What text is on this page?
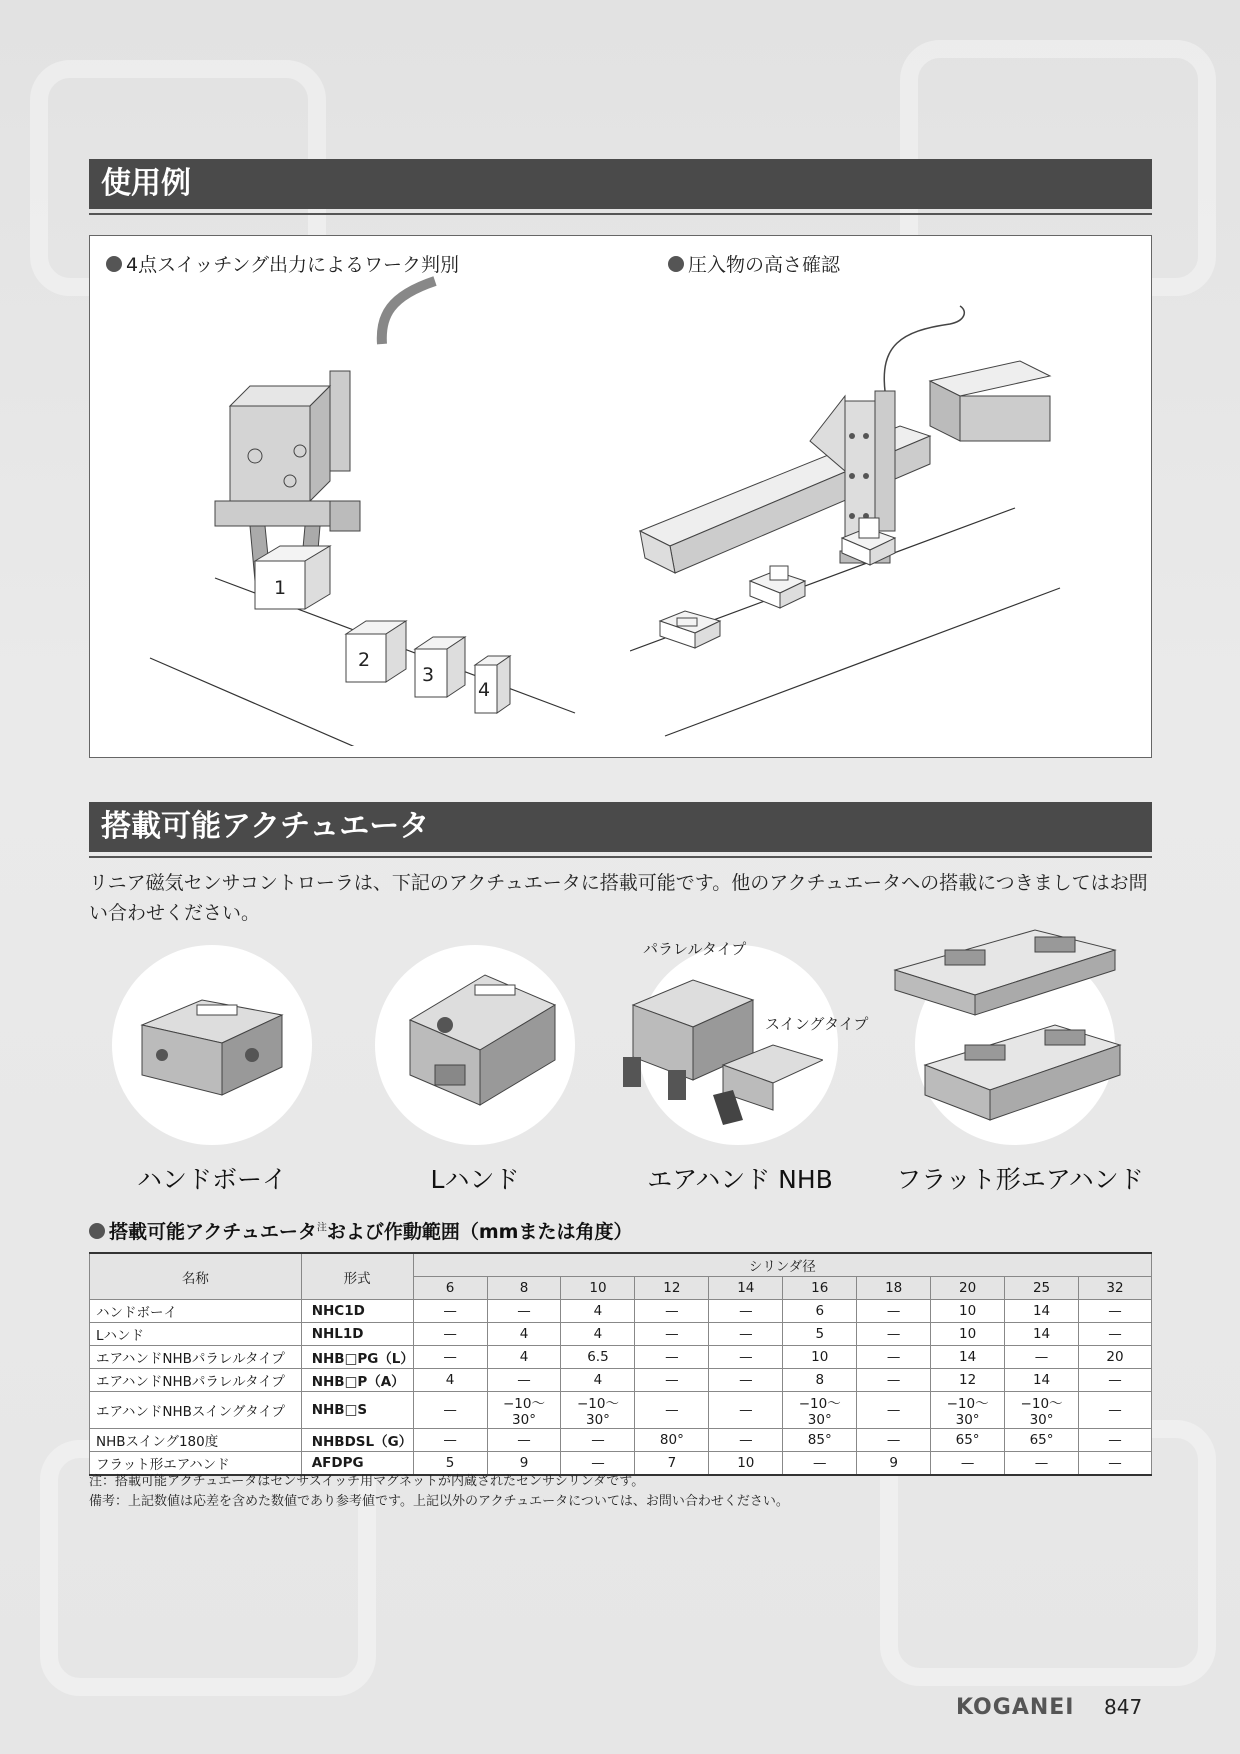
使用例
4点スイッチング出力によるワーク判別	圧入物の高さ確認
1
2
3
4
搭載可能アクチュエータ
リニア磁気センサコントローラは、下記のアクチュエータに搭載可能です。他のアクチュエータへの搭載につきましてはお問い合わせください。
パラレルタイプ
スイングタイプ
ハンドボーイ	Lハンド	エアハンド NHB	フラット形エアハンド
搭載可能アクチュエータ$^注$および作動範囲（mmまたは角度）
名称	形式	シリンダ径									
		6	8	10	12	14	16	18	20	25	32
ハンドボーイ	NHC1D	—	—	4	—	—	6	—	10	14	—
Lハンド	NHL1D	—	4	4	—	—	5	—	10	14	—
エアハンドNHBパラレルタイプ	NHB□PG（L）	—	4	6.5	—	—	10	—	14	—	20
エアハンドNHBパラレルタイプ	NHB□P（A）	4	—	4	—	—	8	—	12	14	—
エアハンドNHBスイングタイプ	NHB□S	—	−10〜30°	−10〜30°	—	—	−10〜30°	—	−10〜30°	−10〜30°	—
NHBスイング180度	NHBDSL（G）	—	—	—	80°	—	85°	—	65°	65°	—
フラット形エアハンド	AFDPG	5	9	—	7	10	—	9	—	—	—
注：搭載可能アクチュエータはセンサスイッチ用マグネットが内蔵されたセンサシリンダです。
備考：上記数値は応差を含めた数値であり参考値です。上記以外のアクチュエータについては、お問い合わせください。
KOGANEI 847
